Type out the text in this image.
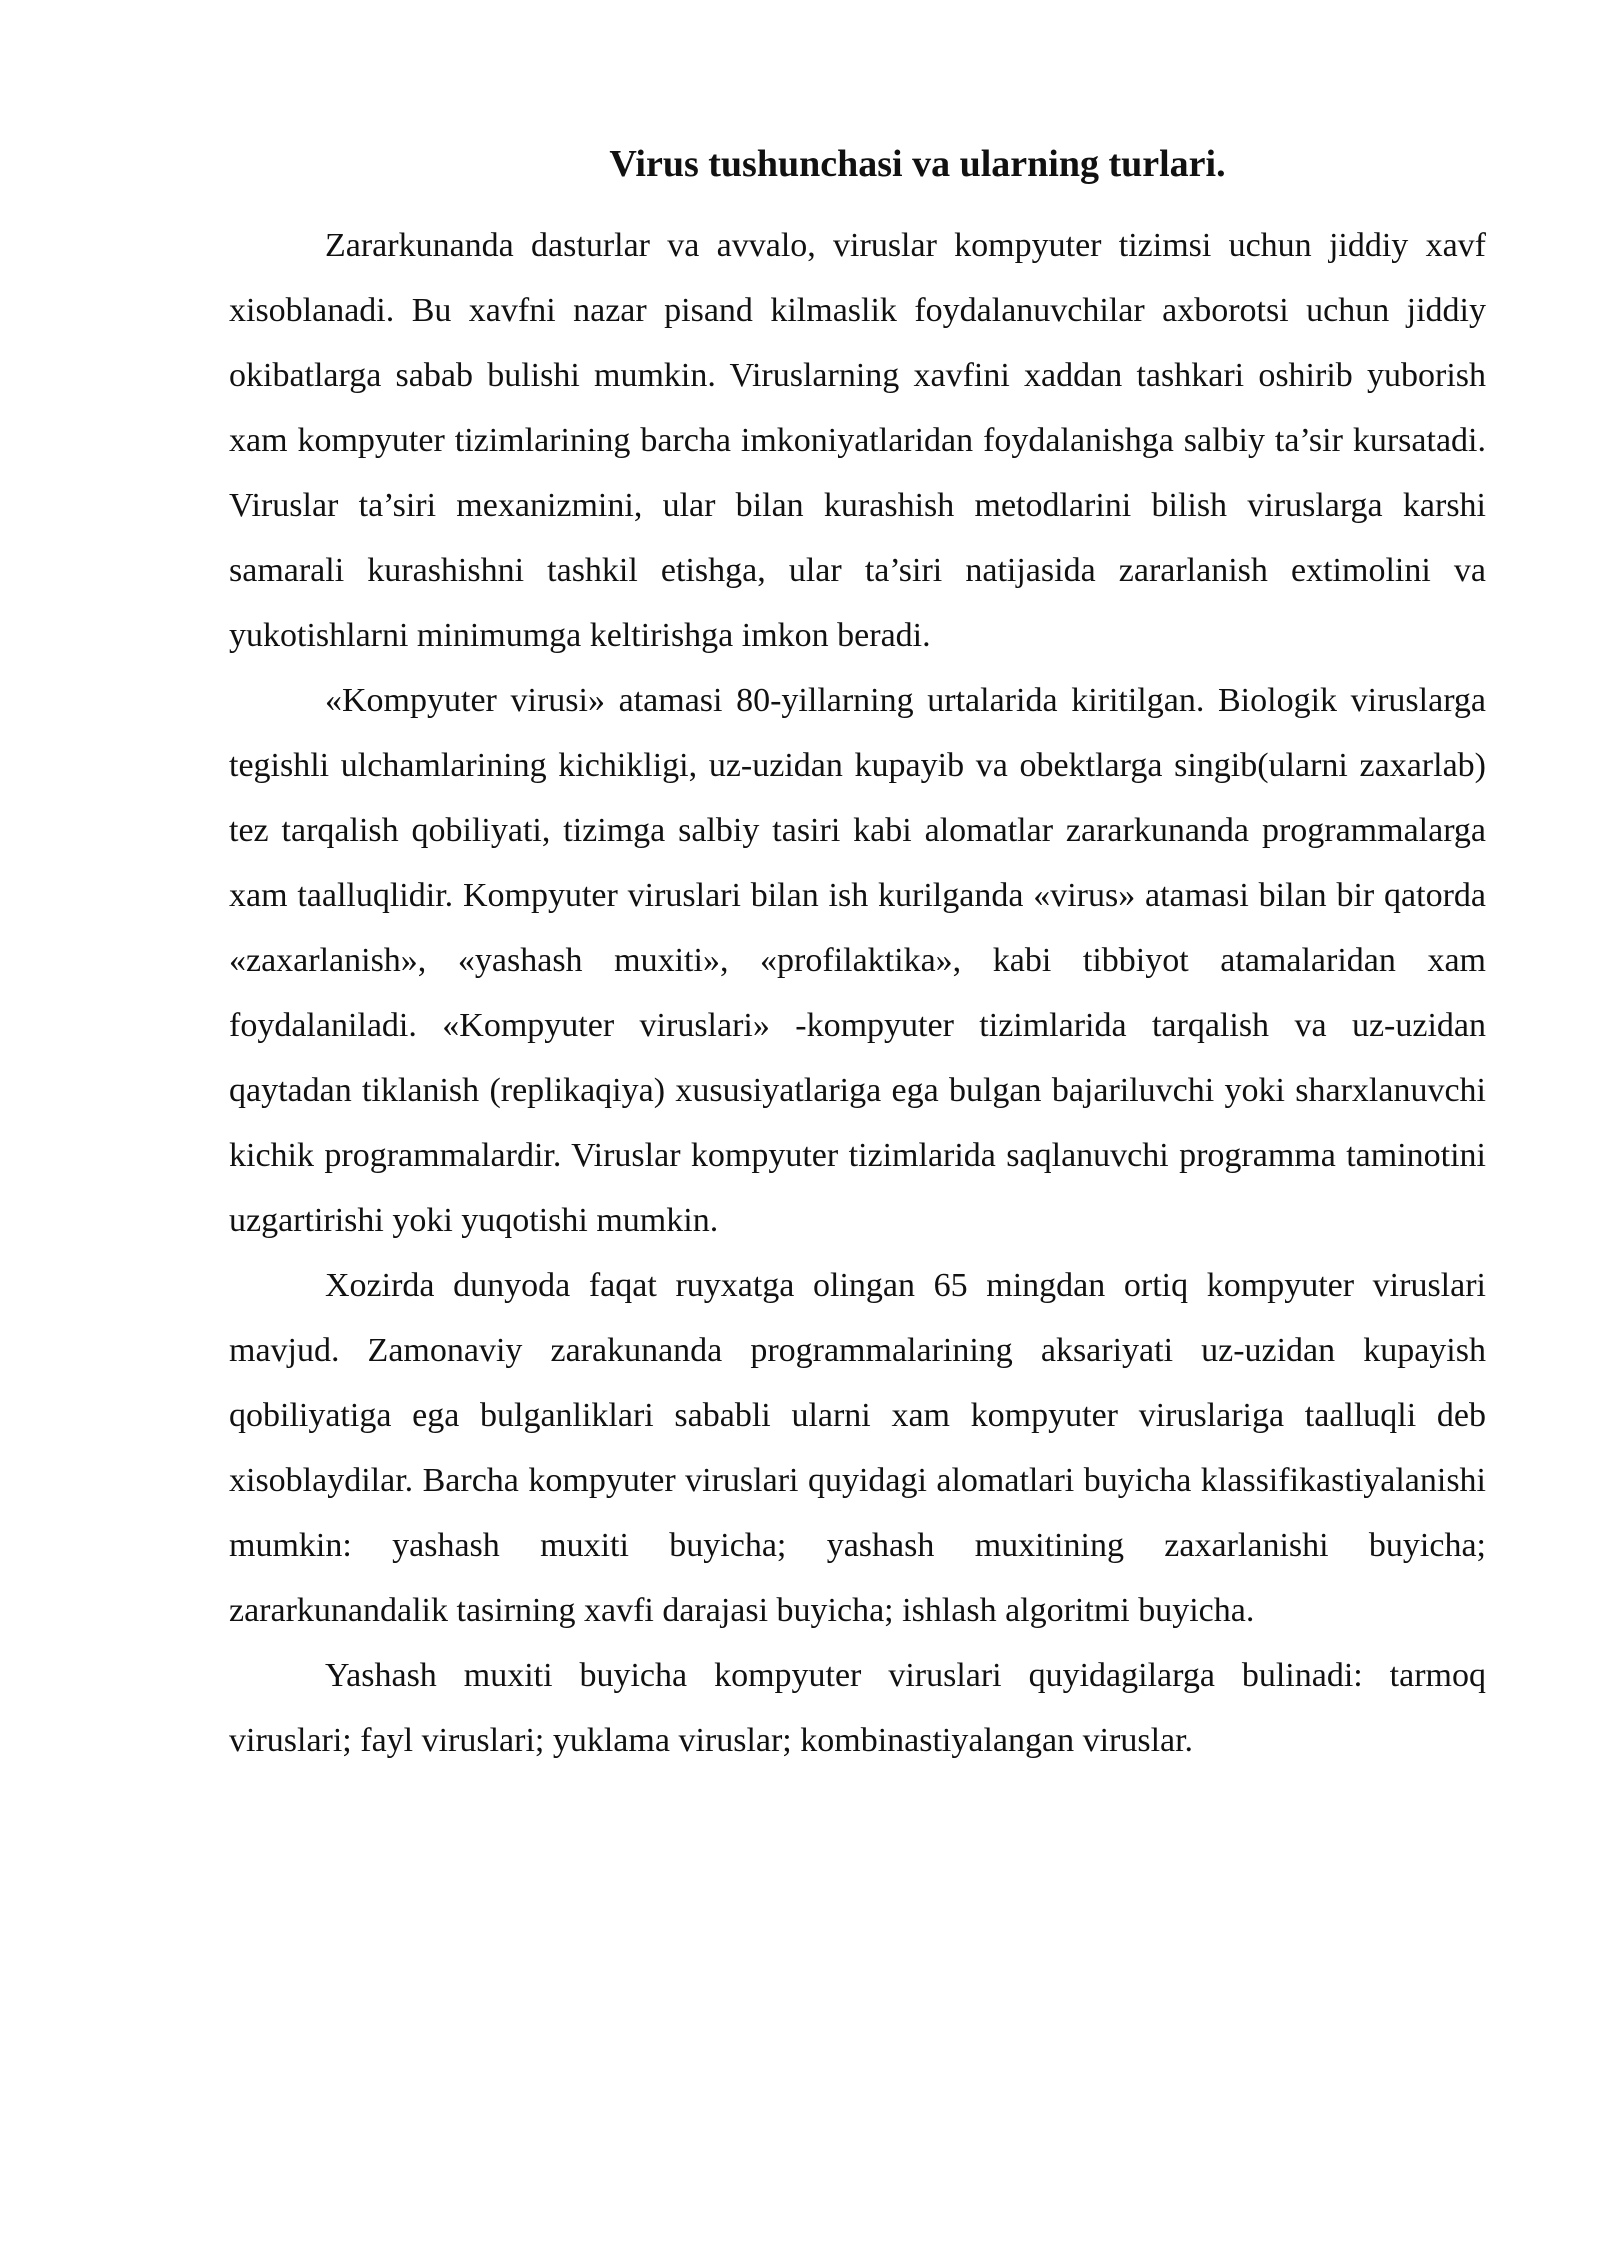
Virus tushunchasi va ularning turlari.

Zararkunanda dasturlar va avvalo, viruslar kompyuter tizimsi uchun jiddiy xavf xisoblanadi. Bu xavfni nazar pisand kilmaslik foydalanuvchilar axborotsi uchun jiddiy okibatlarga sabab bulishi mumkin. Viruslarning xavfini xaddan tashkari oshirib yuborish xam kompyuter tizimlarining barcha imkoniyatlaridan foydalanishga salbiy ta’sir kursatadi. Viruslar ta’siri mexanizmini, ular bilan kurashish metodlarini bilish viruslarga karshi samarali kurashishni tashkil etishga, ular ta’siri natijasida zararlanish extimolini va yukotishlarni minimumga keltirishga imkon beradi.

«Kompyuter virusi» atamasi 80-yillarning urtalarida kiritilgan. Biologik viruslarga tegishli ulchamlarining kichikligi, uz-uzidan kupayib va obektlarga singib(ularni zaxarlab) tez tarqalish qobiliyati, tizimga salbiy tasiri kabi alomatlar zararkunanda programmalarga xam taalluqlidir. Kompyuter viruslari bilan ish kurilganda «virus» atamasi bilan bir qatorda «zaxarlanish», «yashash muxiti», «profilaktika», kabi tibbiyot atamalaridan xam foydalaniladi. «Kompyuter viruslari» -kompyuter tizimlarida tarqalish va uz-uzidan qaytadan tiklanish (replikaqiya) xususiyatlariga ega bulgan bajariluvchi yoki sharxlanuvchi kichik programmalardir. Viruslar kompyuter tizimlarida saqlanuvchi programma taminotini uzgartirishi yoki yuqotishi mumkin.

Xozirda dunyoda faqat ruyxatga olingan 65 mingdan ortiq kompyuter viruslari mavjud. Zamonaviy zarakunanda programmalarining aksariyati uz-uzidan kupayish qobiliyatiga ega bulganliklari sababli ularni xam kompyuter viruslariga taalluqli deb xisoblaydilar. Barcha kompyuter viruslari quyidagi alomatlari buyicha klassifikastiyalanishi mumkin: yashash muxiti buyicha; yashash muxitining zaxarlanishi buyicha; zararkunandalik tasirning xavfi darajasi buyicha; ishlash algoritmi buyicha.

Yashash muxiti buyicha kompyuter viruslari quyidagilarga bulinadi: tarmoq viruslari; fayl viruslari; yuklama viruslar; kombinastiyalangan viruslar.
